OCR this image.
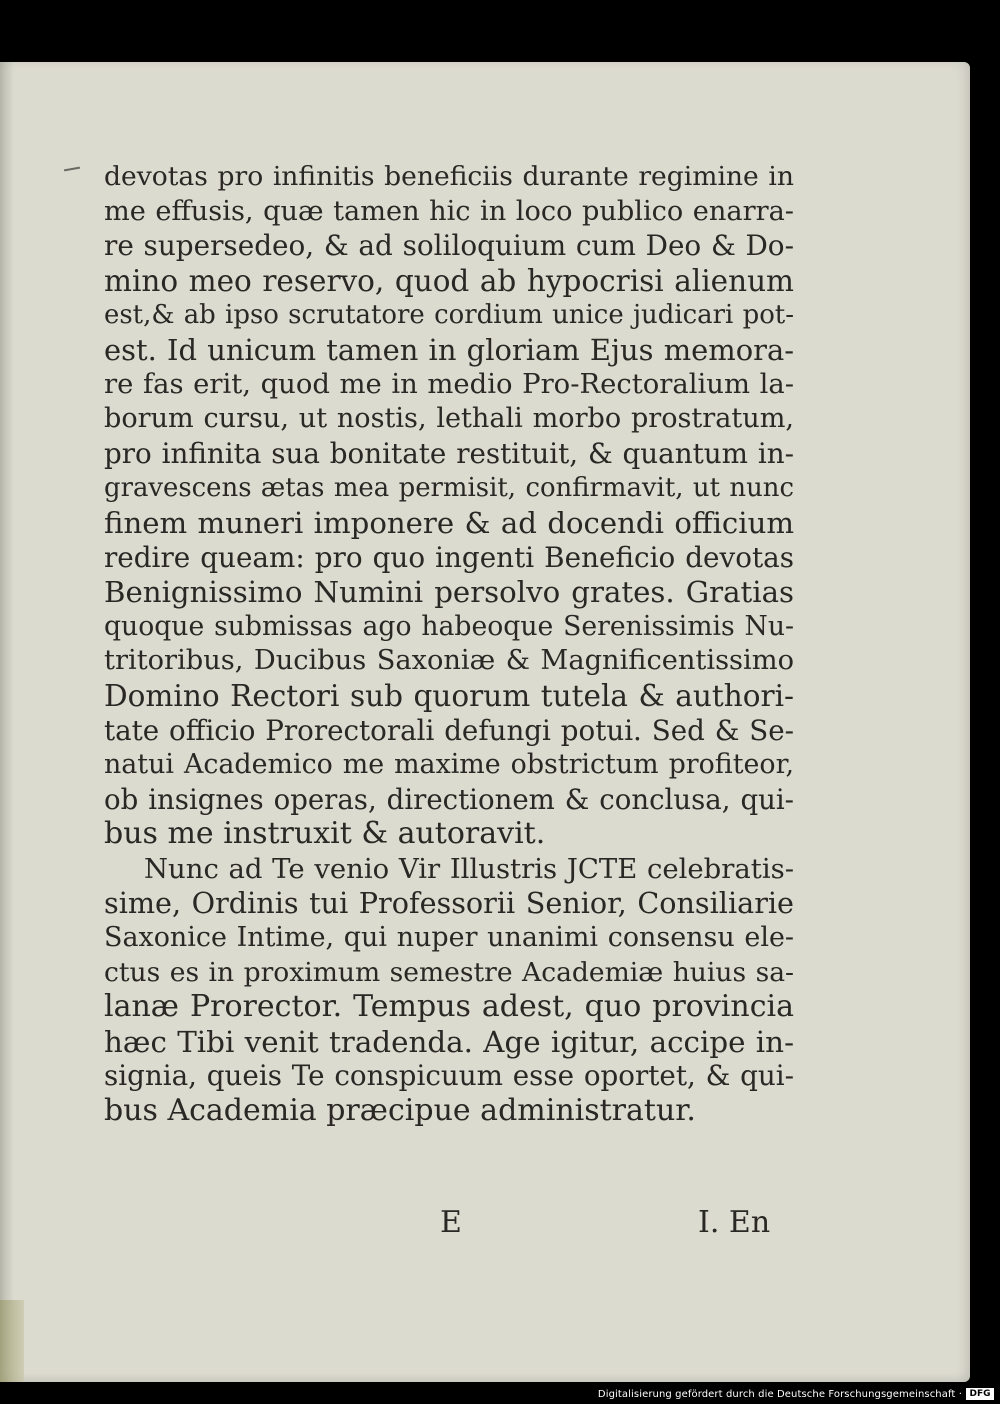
devotas pro infinitis beneficiis durante regimine in
me effusis, quæ tamen hic in loco publico enarra-
re supersedeo, & ad soliloquium cum Deo & Do-
mino meo reservo, quod ab hypocrisi alienum
est,& ab ipso scrutatore cordium unice judicari pot-
est. Id unicum tamen in gloriam Ejus memora-
re fas erit, quod me in medio Pro-Rectoralium la-
borum cursu, ut nostis, lethali morbo prostratum,
pro infinita sua bonitate restituit, & quantum in-
gravescens ætas mea permisit, confirmavit, ut nunc
finem muneri imponere & ad docendi officium
redire queam: pro quo ingenti Beneficio devotas
Benignissimo Numini persolvo grates. Gratias
quoque submissas ago habeoque Serenissimis Nu-
tritoribus, Ducibus Saxoniæ & Magnificentissimo
Domino Rectori sub quorum tutela & authori-
tate officio Prorectorali defungi potui. Sed & Se-
natui Academico me maxime obstrictum profiteor,
ob insignes operas, directionem & conclusa, qui-
bus me instruxit & autoravit.
Nunc ad Te venio Vir Illustris JCTE celebratis-
sime, Ordinis tui Professorii Senior, Consiliarie
Saxonice Intime, qui nuper unanimi consensu ele-
ctus es in proximum semestre Academiæ huius sa-
lanæ Prorector. Tempus adest, quo provincia
hæc Tibi venit tradenda. Age igitur, accipe in-
signia, queis Te conspicuum esse oportet, & qui-
bus Academia præcipue administratur.
E	I. En
Digitalisierung gefördert durch die Deutsche Forschungsgemeinschaft · DFG
